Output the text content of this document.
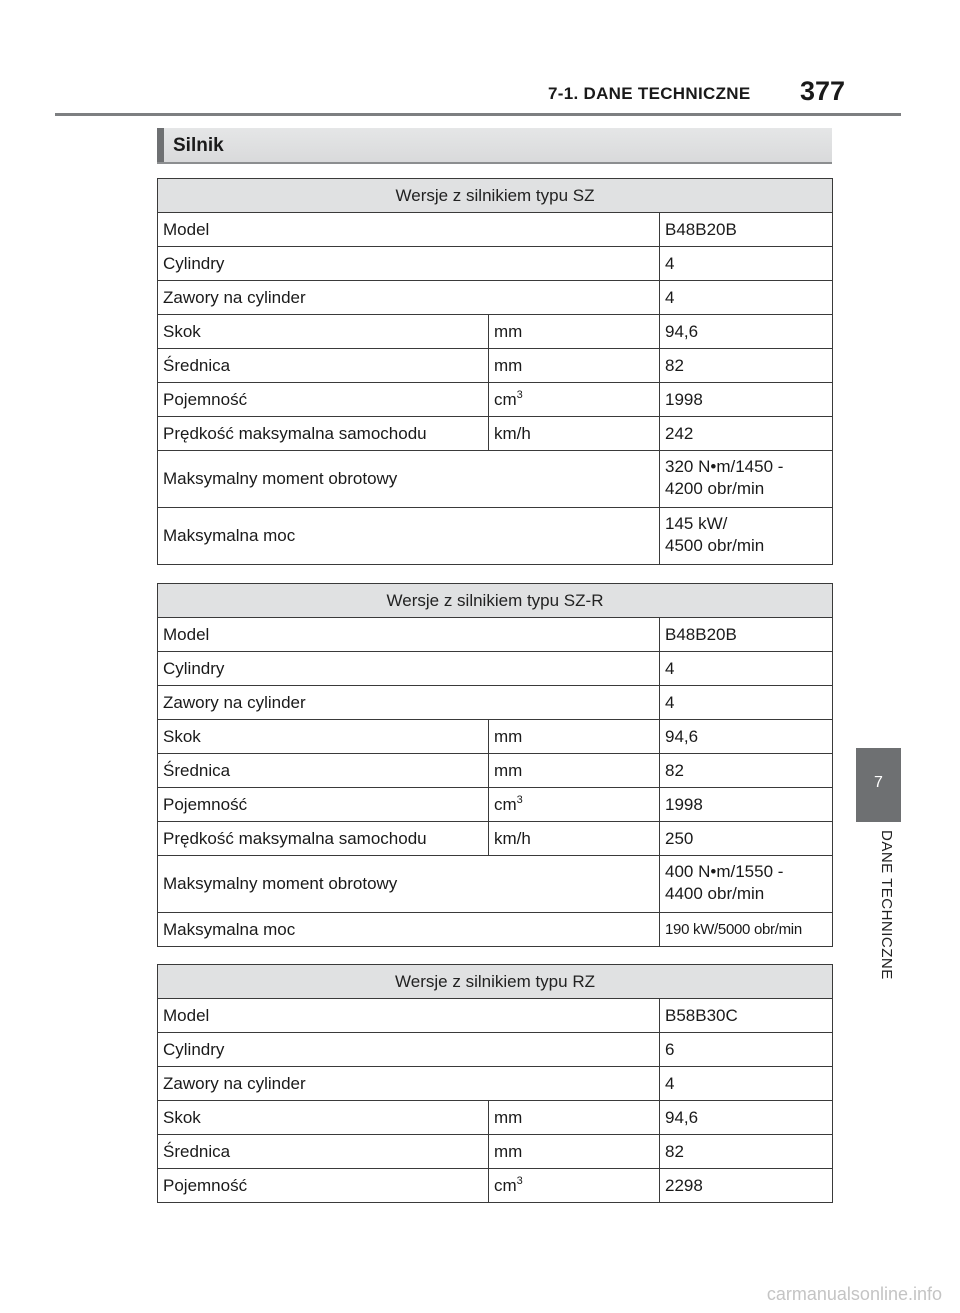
7-1. DANE TECHNICZNE 377
Silnik
Wersje z silnikiem typu SZ		
Model		B48B20B
Cylindry		4
Zawory na cylinder		4
Skok	mm	94,6
Średnica	mm	82
Pojemność	$cm^3$	1998
Prędkość maksymalna samochodu	km/h	242
Maksymalny moment obrotowy		320 N•m/1450 -
4200 obr/min

Maksymalna moc		145 kW/
4500 obr/min
Wersje z silnikiem typu SZ-R		
Model		B48B20B
Cylindry		4
Zawory na cylinder		4
Skok	mm	94,6
Średnica	mm	82
Pojemność	$cm^3$	1998
Prędkość maksymalna samochodu	km/h	250
Maksymalny moment obrotowy		400 N•m/1550 -
4400 obr/min

Maksymalna moc		190 kW/5000 obr/min
Wersje z silnikiem typu RZ		
Model		B58B30C
Cylindry		6
Zawory na cylinder		4
Skok	mm	94,6
Średnica	mm	82
Pojemność	$cm^3$	2298
7
DANE TECHNICZNE
carmanualsonline.info
